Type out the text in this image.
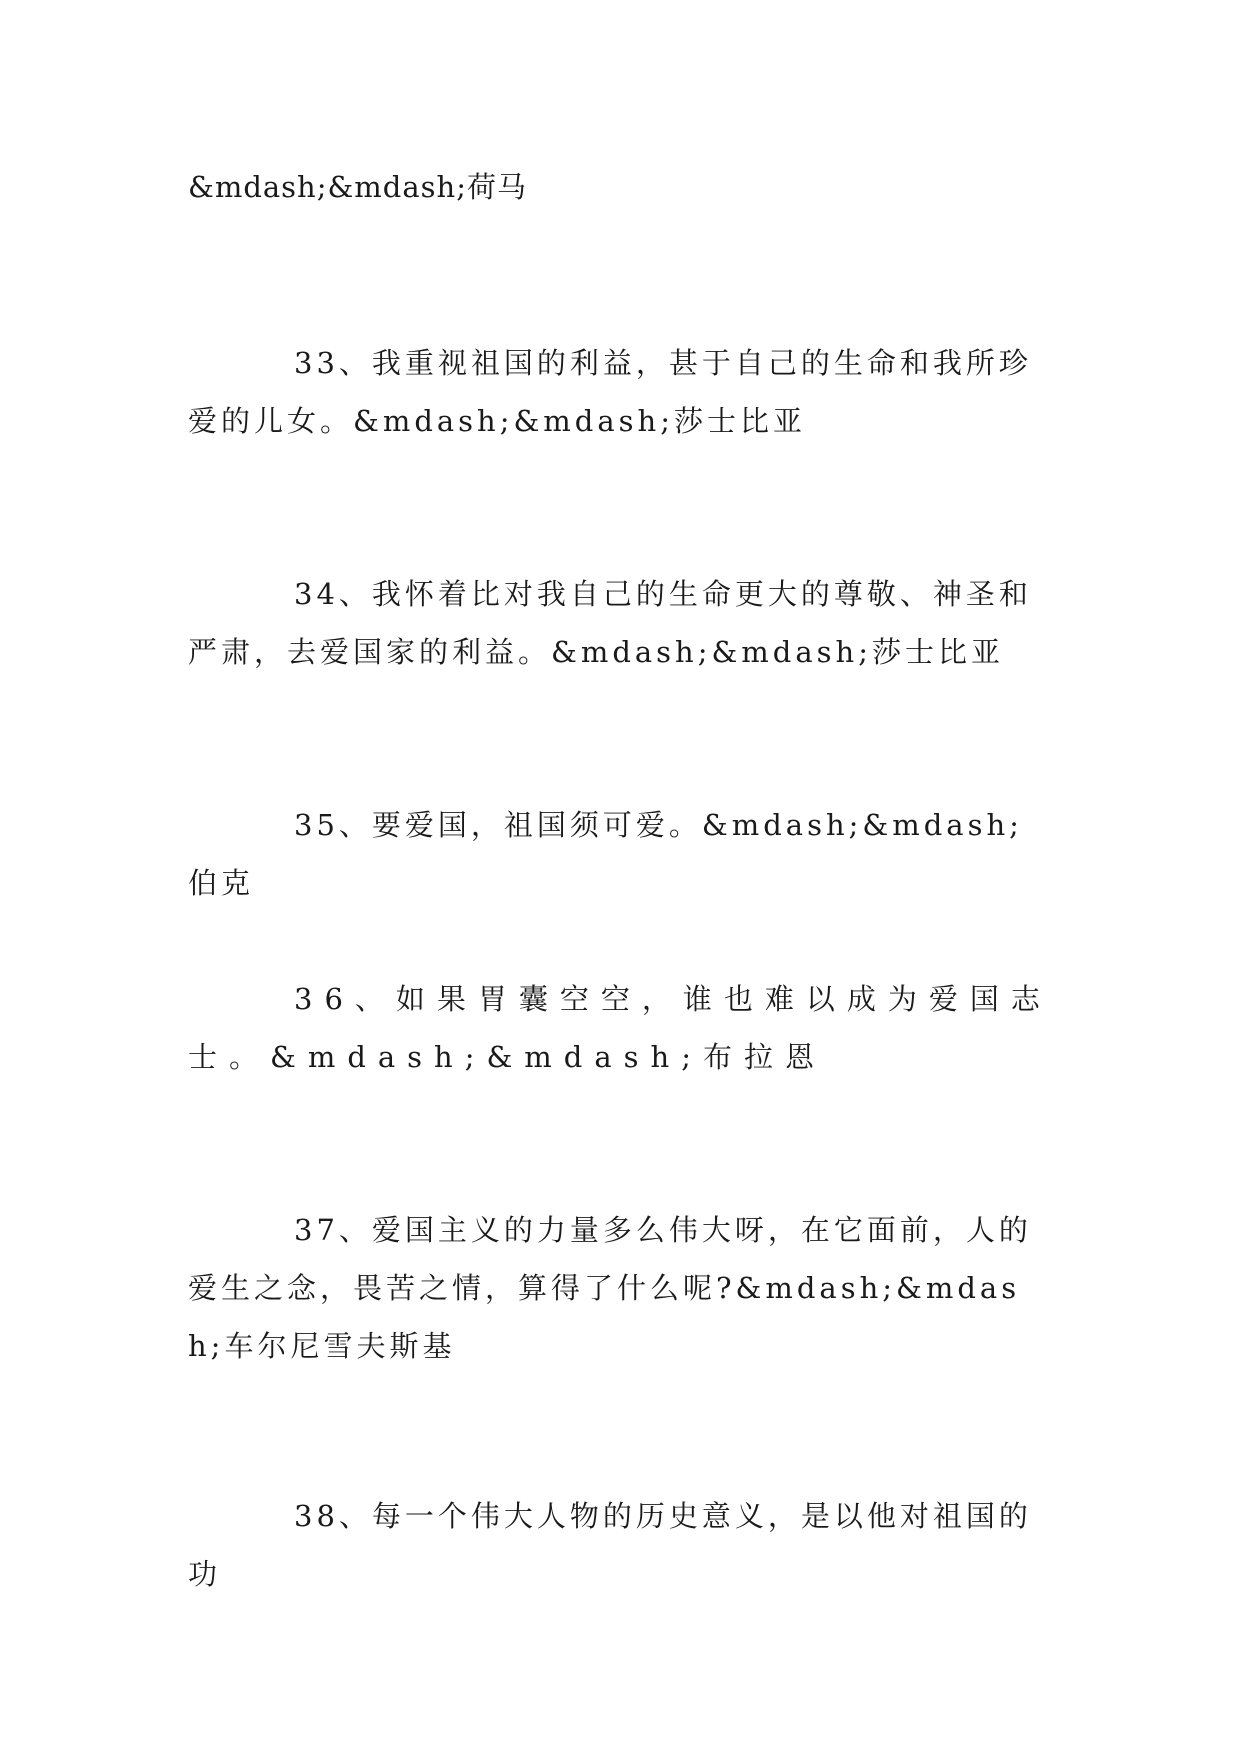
&mdash;&mdash;荷马

33、我重视祖国的利益，甚于自己的生命和我所珍爱的儿女。&mdash;&mdash;莎士比亚

34、我怀着比对我自己的生命更大的尊敬、神圣和严肃，去爱国家的利益。&mdash;&mdash;莎士比亚

35、要爱国，祖国须可爱。&mdash;&mdash;伯克

36、如果胃囊空空，谁也难以成为爱国志士。&mdash;&mdash;布拉恩

37、爱国主义的力量多么伟大呀，在它面前，人的爱生之念，畏苦之情，算得了什么呢?&mdash;&mdash;车尔尼雪夫斯基

38、每一个伟大人物的历史意义，是以他对祖国的功
